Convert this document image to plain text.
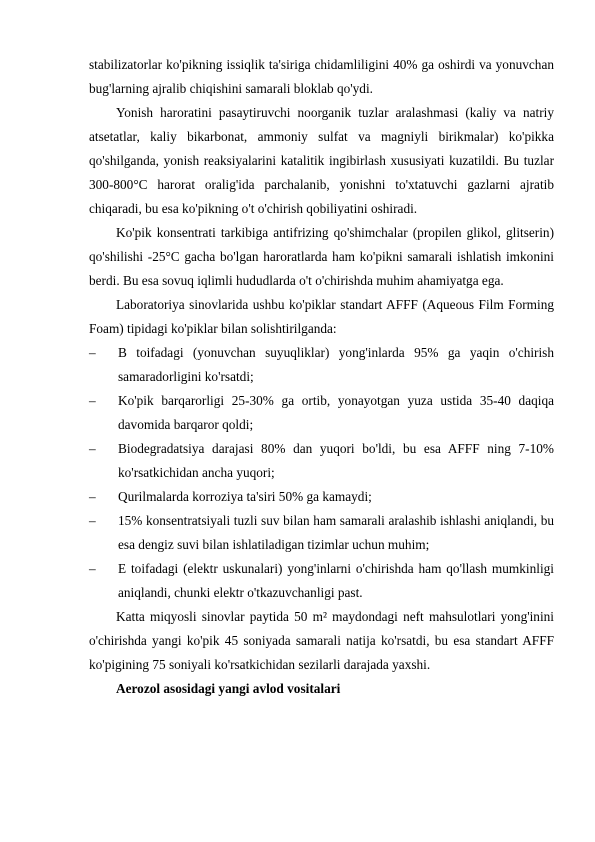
stabilizatorlar ko'pikning issiqlik ta'siriga chidamliligini 40% ga oshirdi va yonuvchan bug'larning ajralib chiqishini samarali bloklab qo'ydi.

Yonish haroratini pasaytiruvchi noorganik tuzlar aralashmasi (kaliy va natriy atsetatlar, kaliy bikarbonat, ammoniy sulfat va magniyli birikmalar) ko'pikka qo'shilganda, yonish reaksiyalarini katalitik ingibirlash xususiyati kuzatildi. Bu tuzlar 300-800°C harorat oralig'ida parchalanib, yonishni to'xtatuvchi gazlarni ajratib chiqaradi, bu esa ko'pikning o't o'chirish qobiliyatini oshiradi.

Ko'pik konsentrati tarkibiga antifrizing qo'shimchalar (propilen glikol, glitserin) qo'shilishi -25°C gacha bo'lgan haroratlarda ham ko'pikni samarali ishlatish imkonini berdi. Bu esa sovuq iqlimli hududlarda o't o'chirishda muhim ahamiyatga ega.

Laboratoriya sinovlarida ushbu ko'piklar standart AFFF (Aqueous Film Forming Foam) tipidagi ko'piklar bilan solishtirilganda:

– B toifadagi (yonuvchan suyuqliklar) yong'inlarda 95% ga yaqin o'chirish samaradorligini ko'rsatdi;
– Ko'pik barqarorligi 25-30% ga ortib, yonayotgan yuza ustida 35-40 daqiqa davomida barqaror qoldi;
– Biodegradatsiya darajasi 80% dan yuqori bo'ldi, bu esa AFFF ning 7-10% ko'rsatkichidan ancha yuqori;
– Qurilmalarda korroziya ta'siri 50% ga kamaydi;
– 15% konsentratsiyali tuzli suv bilan ham samarali aralashib ishlashi aniqlandi, bu esa dengiz suvi bilan ishlatiladigan tizimlar uchun muhim;
– E toifadagi (elektr uskunalari) yong'inlarni o'chirishda ham qo'llash mumkinligi aniqlandi, chunki elektr o'tkazuvchanligi past.

Katta miqyosli sinovlar paytida 50 m² maydondagi neft mahsulotlari yong'inini o'chirishda yangi ko'pik 45 soniyada samarali natija ko'rsatdi, bu esa standart AFFF ko'pigining 75 soniyali ko'rsatkichidan sezilarli darajada yaxshi.

Aerozol asosidagi yangi avlod vositalari
